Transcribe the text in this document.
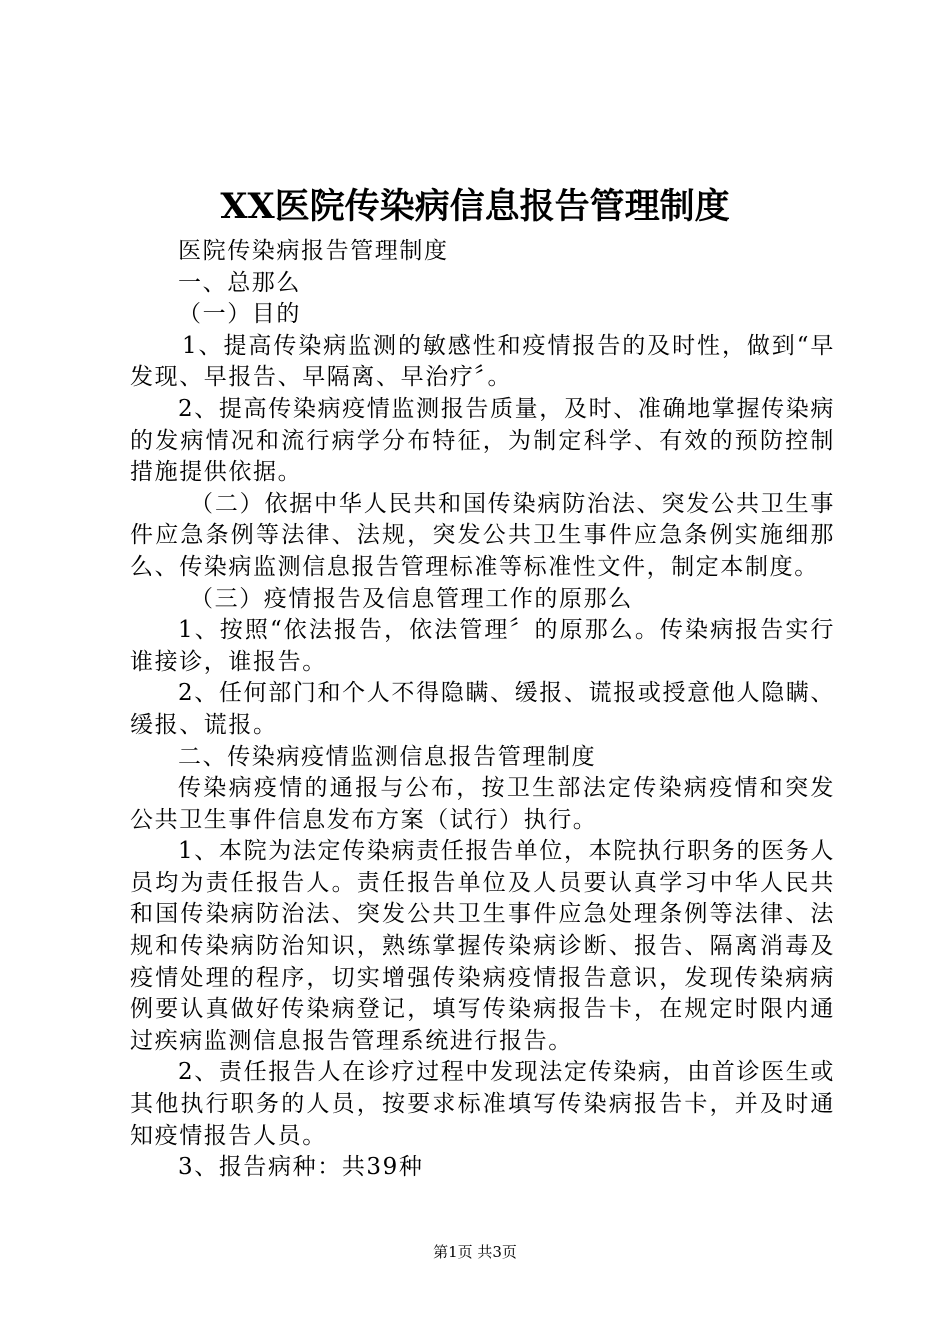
XX医院传染病信息报告管理制度

医院传染病报告管理制度

一、总那么

（一）目的

1、提高传染病监测的敏感性和疫情报告的及时性，做到“早发现、早报告、早隔离、早治疗〞。

2、提高传染病疫情监测报告质量，及时、准确地掌握传染病的发病情况和流行病学分布特征，为制定科学、有效的预防控制措施提供依据。

（二）依据中华人民共和国传染病防治法、突发公共卫生事件应急条例等法律、法规，突发公共卫生事件应急条例实施细那么、传染病监测信息报告管理标准等标准性文件，制定本制度。

（三）疫情报告及信息管理工作的原那么

1、按照“依法报告，依法管理〞的原那么。传染病报告实行谁接诊，谁报告。

2、任何部门和个人不得隐瞒、缓报、谎报或授意他人隐瞒、缓报、谎报。

二、传染病疫情监测信息报告管理制度

传染病疫情的通报与公布，按卫生部法定传染病疫情和突发公共卫生事件信息发布方案（试行）执行。

1、本院为法定传染病责任报告单位，本院执行职务的医务人员均为责任报告人。责任报告单位及人员要认真学习中华人民共和国传染病防治法、突发公共卫生事件应急处理条例等法律、法规和传染病防治知识，熟练掌握传染病诊断、报告、隔离消毒及疫情处理的程序，切实增强传染病疫情报告意识，发现传染病病例要认真做好传染病登记，填写传染病报告卡，在规定时限内通过疾病监测信息报告管理系统进行报告。

2、责任报告人在诊疗过程中发现法定传染病，由首诊医生或其他执行职务的人员，按要求标准填写传染病报告卡，并及时通知疫情报告人员。

3、报告病种：共39种

第1页 共3页
